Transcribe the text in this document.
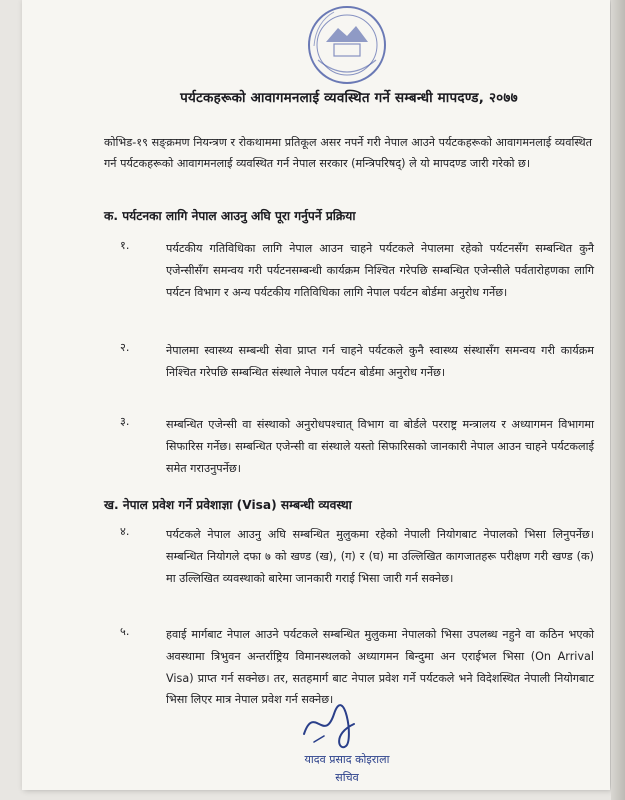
पर्यटकहरूको आवागमनलाई व्यवस्थित गर्ने सम्बन्धी मापदण्ड, २०७७
कोभिड-१९ सङ्क्रमण नियन्त्रण र रोकथाममा प्रतिकूल असर नपर्ने गरी नेपाल आउने पर्यटकहरूको आवागमनलाई व्यवस्थित गर्न पर्यटकहरूको आवागमनलाई व्यवस्थित गर्न नेपाल सरकार (मन्त्रिपरिषद्) ले यो मापदण्ड जारी गरेको छ।
क. पर्यटनका लागि नेपाल आउनु अघि पूरा गर्नुपर्ने प्रक्रिया
१.	पर्यटकीय गतिविधिका लागि नेपाल आउन चाहने पर्यटकले नेपालमा रहेको पर्यटनसँग सम्बन्धित कुनै एजेन्सीसँग समन्वय गरी पर्यटनसम्बन्धी कार्यक्रम निश्चित गरेपछि सम्बन्धित एजेन्सीले पर्वतारोहणका लागि पर्यटन विभाग र अन्य पर्यटकीय गतिविधिका लागि नेपाल पर्यटन बोर्डमा अनुरोध गर्नेछ।
२.	नेपालमा स्वास्थ्य सम्बन्धी सेवा प्राप्त गर्न चाहने पर्यटकले कुनै स्वास्थ्य संस्थासँग समन्वय गरी कार्यक्रम निश्चित गरेपछि सम्बन्धित संस्थाले नेपाल पर्यटन बोर्डमा अनुरोध गर्नेछ।
३.	सम्बन्धित एजेन्सी वा संस्थाको अनुरोधपश्चात् विभाग वा बोर्डले परराष्ट्र मन्त्रालय र अध्यागमन विभागमा सिफारिस गर्नेछ। सम्बन्धित एजेन्सी वा संस्थाले यस्तो सिफारिसको जानकारी नेपाल आउन चाहने पर्यटकलाई समेत गराउनुपर्नेछ।
ख. नेपाल प्रवेश गर्ने प्रवेशाज्ञा (Visa) सम्बन्धी व्यवस्था
४.	पर्यटकले नेपाल आउनु अघि सम्बन्धित मुलुकमा रहेको नेपाली नियोगबाट नेपालको भिसा लिनुपर्नेछ। सम्बन्धित नियोगले दफा ७ को खण्ड (ख), (ग) र (घ) मा उल्लिखित कागजातहरू परीक्षण गरी खण्ड (क) मा उल्लिखित व्यवस्थाको बारेमा जानकारी गराई भिसा जारी गर्न सक्नेछ।
५.	हवाई मार्गबाट नेपाल आउने पर्यटकले सम्बन्धित मुलुकमा नेपालको भिसा उपलब्ध नहुने वा कठिन भएको अवस्थामा त्रिभुवन अन्तर्राष्ट्रिय विमानस्थलको अध्यागमन बिन्दुमा अन एराईभल भिसा (On Arrival Visa) प्राप्त गर्न सक्नेछ। तर, सतहमार्ग बाट नेपाल प्रवेश गर्ने पर्यटकले भने विदेशस्थित नेपाली नियोगबाट भिसा लिएर मात्र नेपाल प्रवेश गर्न सक्नेछ।
यादव प्रसाद कोइराला
सचिव
